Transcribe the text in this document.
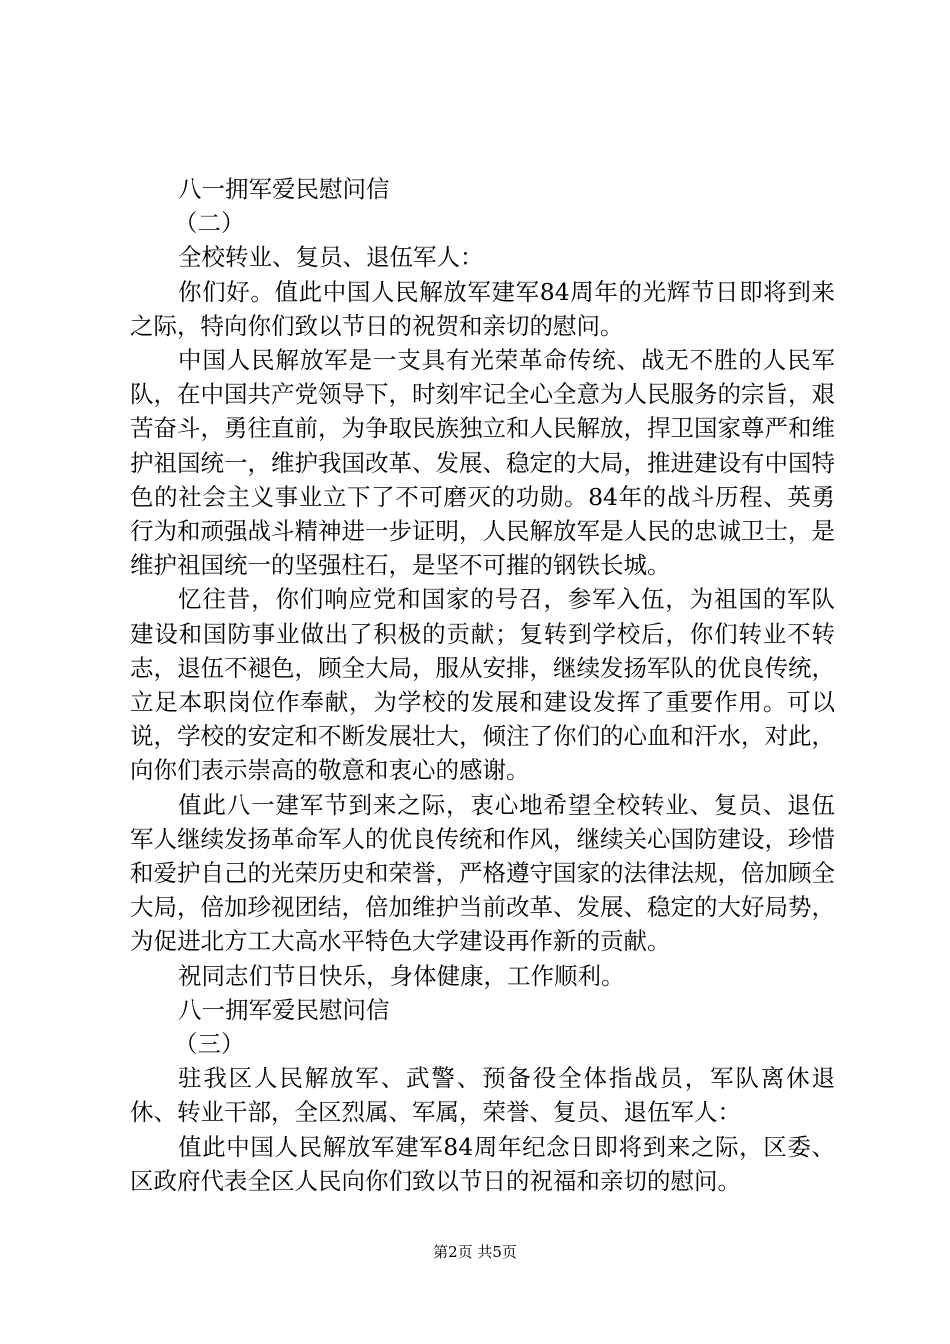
八一拥军爱民慰问信
（二）
全校转业、复员、退伍军人：

你们好。值此中国人民解放军建军84周年的光辉节日即将到来之际，特向你们致以节日的祝贺和亲切的慰问。

中国人民解放军是一支具有光荣革命传统、战无不胜的人民军队，在中国共产党领导下，时刻牢记全心全意为人民服务的宗旨，艰苦奋斗，勇往直前，为争取民族独立和人民解放，捍卫国家尊严和维护祖国统一，维护我国改革、发展、稳定的大局，推进建设有中国特色的社会主义事业立下了不可磨灭的功勋。84年的战斗历程、英勇行为和顽强战斗精神进一步证明，人民解放军是人民的忠诚卫士，是维护祖国统一的坚强柱石，是坚不可摧的钢铁长城。

忆往昔，你们响应党和国家的号召，参军入伍，为祖国的军队建设和国防事业做出了积极的贡献；复转到学校后，你们转业不转志，退伍不褪色，顾全大局，服从安排，继续发扬军队的优良传统，立足本职岗位作奉献，为学校的发展和建设发挥了重要作用。可以说，学校的安定和不断发展壮大，倾注了你们的心血和汗水，对此，向你们表示崇高的敬意和衷心的感谢。

值此八一建军节到来之际，衷心地希望全校转业、复员、退伍军人继续发扬革命军人的优良传统和作风，继续关心国防建设，珍惜和爱护自己的光荣历史和荣誉，严格遵守国家的法律法规，倍加顾全大局，倍加珍视团结，倍加维护当前改革、发展、稳定的大好局势，为促进北方工大高水平特色大学建设再作新的贡献。

祝同志们节日快乐，身体健康，工作顺利。
八一拥军爱民慰问信
（三）

驻我区人民解放军、武警、预备役全体指战员，军队离休退休、转业干部，全区烈属、军属，荣誉、复员、退伍军人：

值此中国人民解放军建军84周年纪念日即将到来之际，区委、区政府代表全区人民向你们致以节日的祝福和亲切的慰问。

第2页 共5页
